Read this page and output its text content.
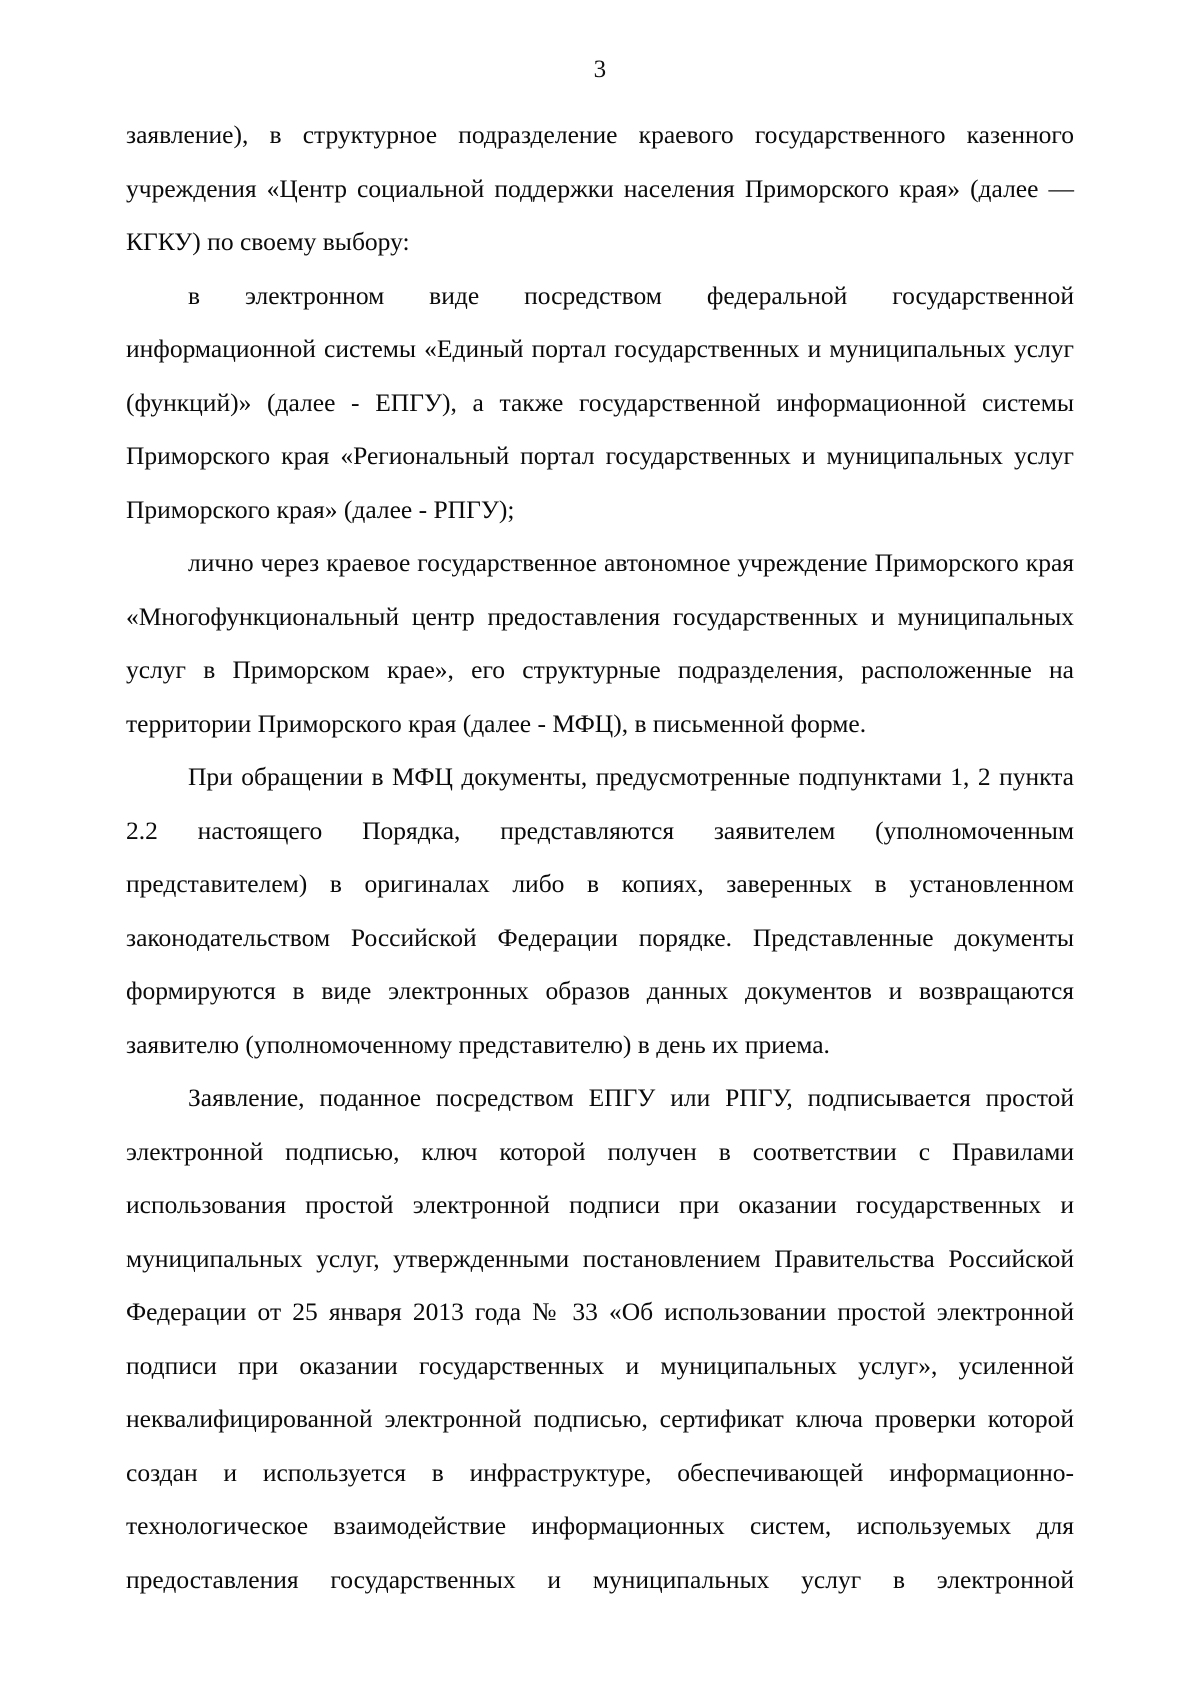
3

заявление), в структурное подразделение краевого государственного казенного учреждения «Центр социальной поддержки населения Приморского края» (далее — КГКУ) по своему выбору:

в электронном виде посредством федеральной государственной информационной системы «Единый портал государственных и муниципальных услуг (функций)» (далее - ЕПГУ), а также государственной информационной системы Приморского края «Региональный портал государственных и муниципальных услуг Приморского края» (далее - РПГУ);

лично через краевое государственное автономное учреждение Приморского края «Многофункциональный центр предоставления государственных и муниципальных услуг в Приморском крае», его структурные подразделения, расположенные на территории Приморского края (далее - МФЦ), в письменной форме.

При обращении в МФЦ документы, предусмотренные подпунктами 1, 2 пункта 2.2 настоящего Порядка, представляются заявителем (уполномоченным представителем) в оригиналах либо в копиях, заверенных в установленном законодательством Российской Федерации порядке. Представленные документы формируются в виде электронных образов данных документов и возвращаются заявителю (уполномоченному представителю) в день их приема.

Заявление, поданное посредством ЕПГУ или РПГУ, подписывается простой электронной подписью, ключ которой получен в соответствии с Правилами использования простой электронной подписи при оказании государственных и муниципальных услуг, утвержденными постановлением Правительства Российской Федерации от 25 января 2013 года № 33 «Об использовании простой электронной подписи при оказании государственных и муниципальных услуг», усиленной неквалифицированной электронной подписью, сертификат ключа проверки которой создан и используется в инфраструктуре, обеспечивающей информационно-технологическое взаимодействие информационных систем, используемых для предоставления государственных и муниципальных услуг в электронной
